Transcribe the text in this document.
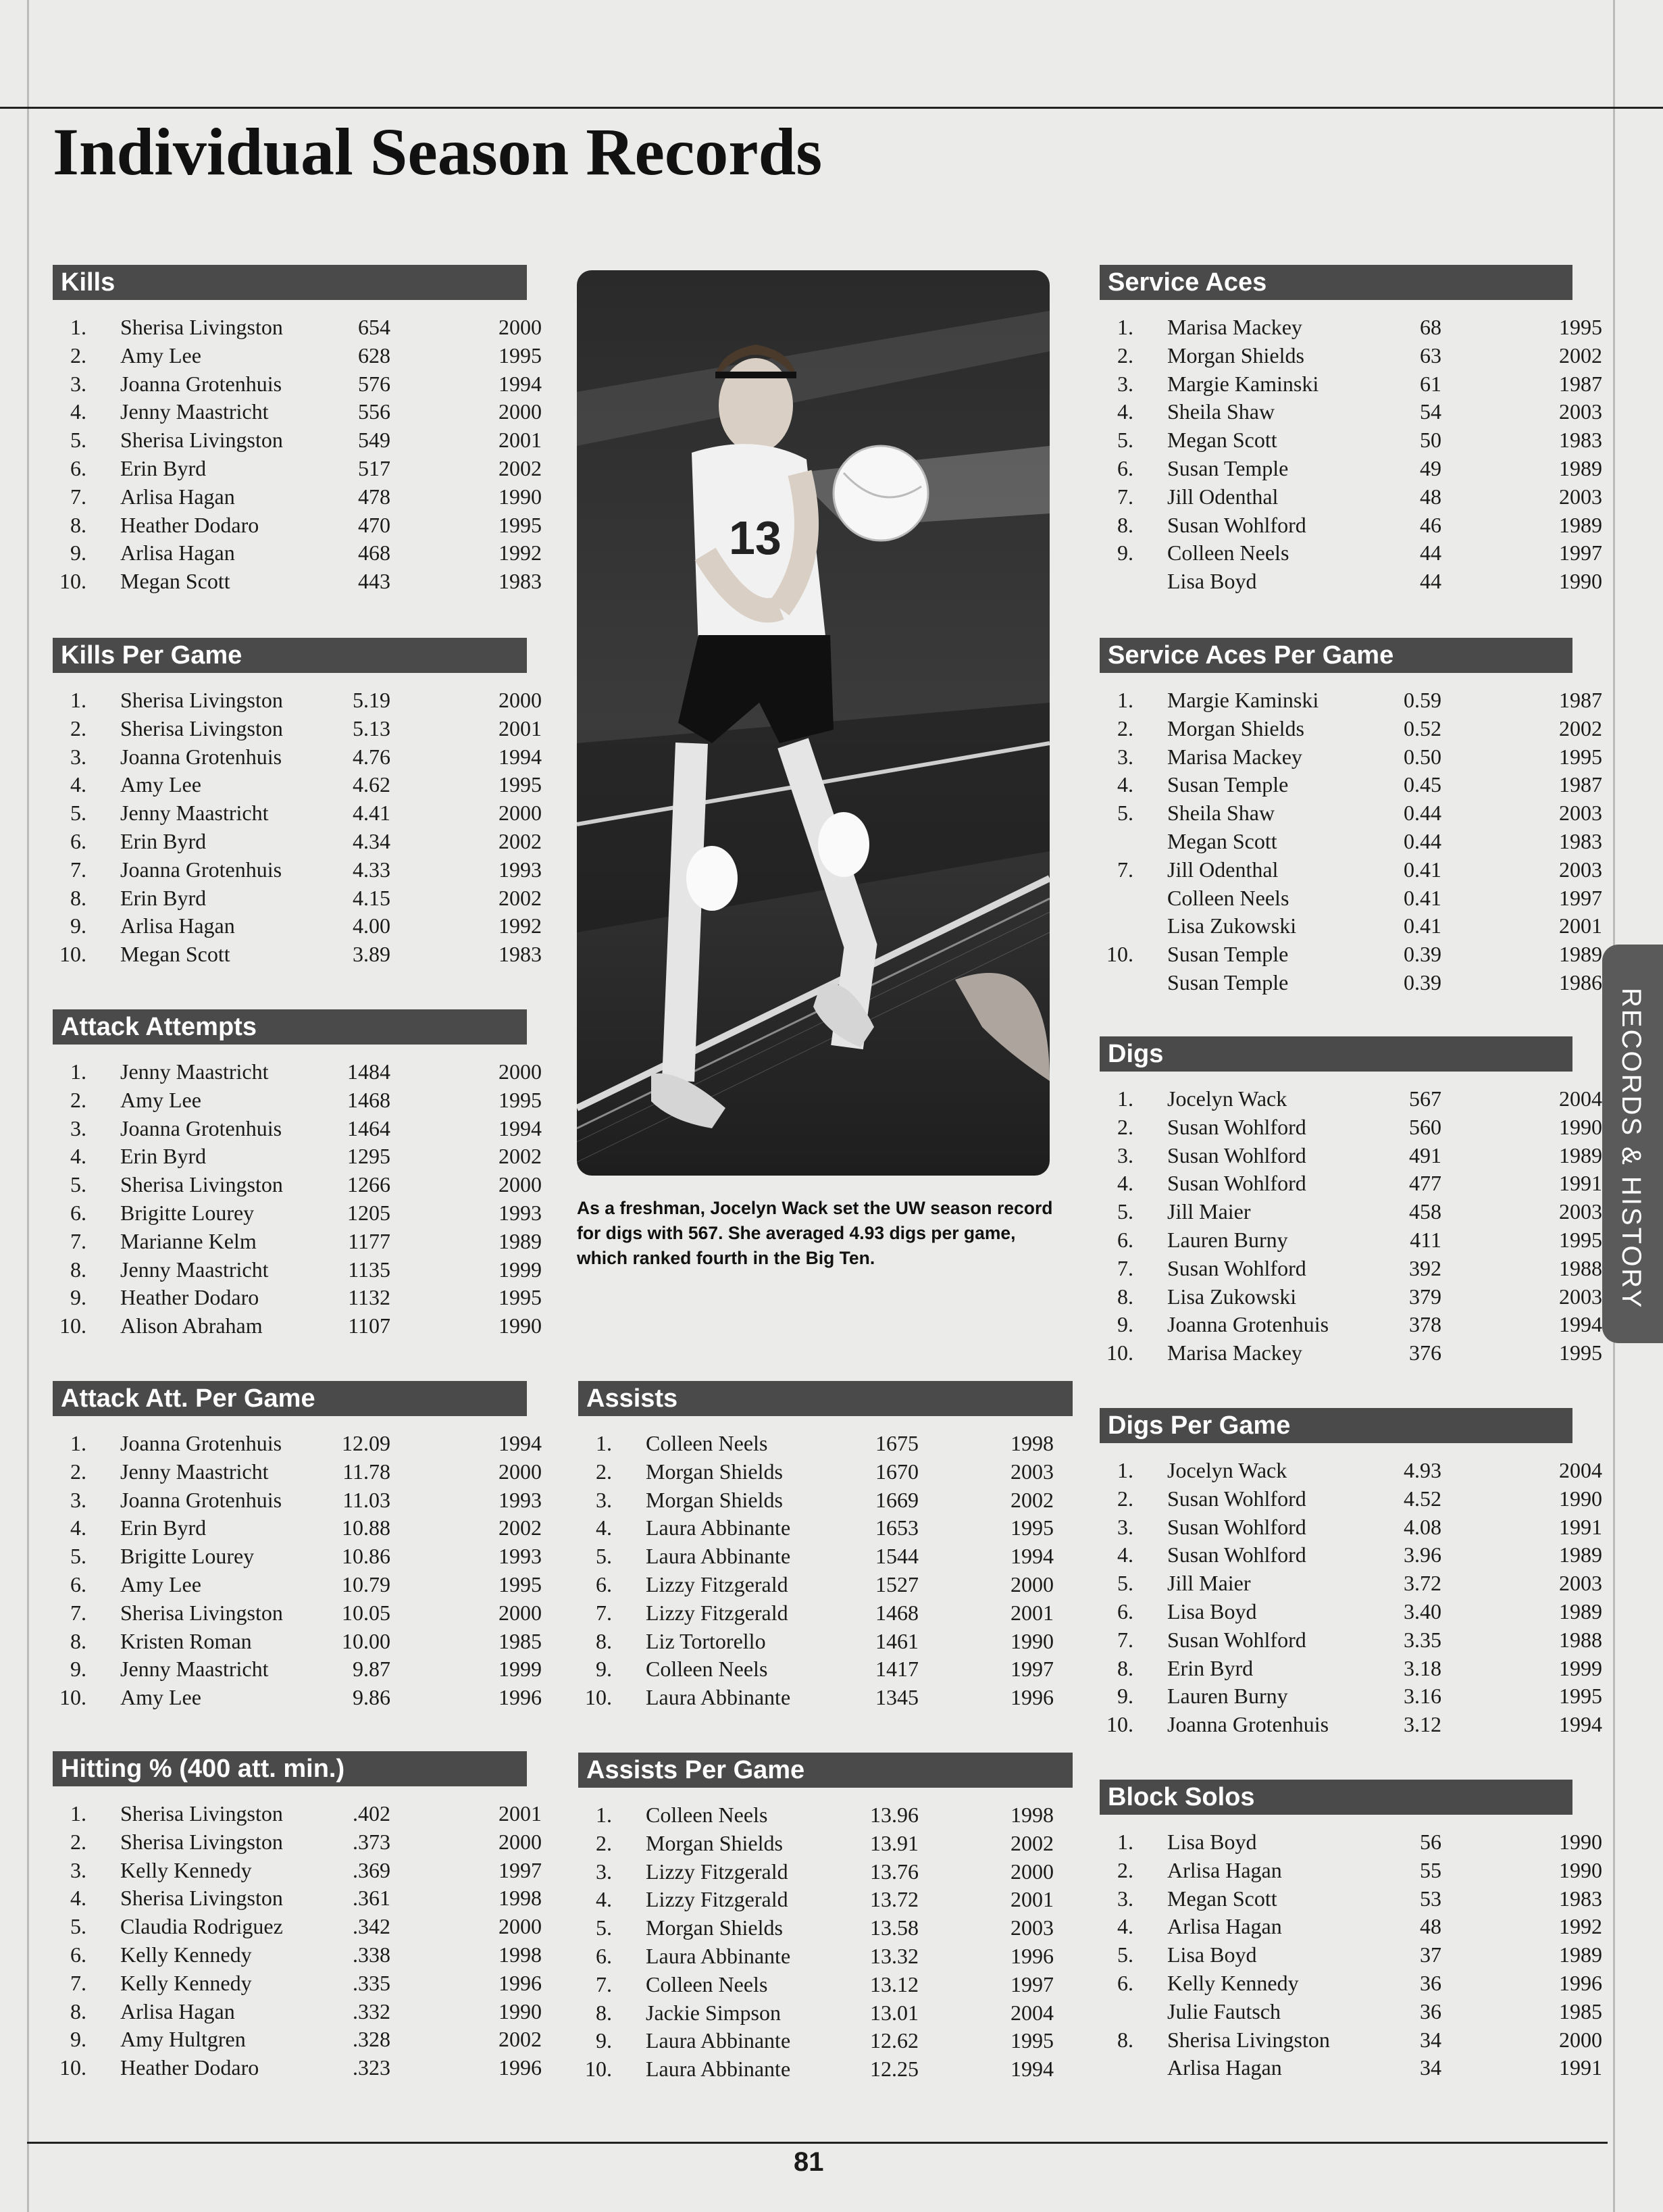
Individual Season Records
Kills
1. Sherisa Livingston	654	2000
2. Amy Lee	628	1995
3. Joanna Grotenhuis	576	1994
4. Jenny Maastricht	556	2000
5. Sherisa Livingston	549	2001
6. Erin Byrd	517	2002
7. Arlisa Hagan	478	1990
8. Heather Dodaro	470	1995
9. Arlisa Hagan	468	1992
10. Megan Scott	443	1983
Kills Per Game
1. Sherisa Livingston	5.19	2000
2. Sherisa Livingston	5.13	2001
3. Joanna Grotenhuis	4.76	1994
4. Amy Lee	4.62	1995
5. Jenny Maastricht	4.41	2000
6. Erin Byrd	4.34	2002
7. Joanna Grotenhuis	4.33	1993
8. Erin Byrd	4.15	2002
9. Arlisa Hagan	4.00	1992
10. Megan Scott	3.89	1983
Attack Attempts
1. Jenny Maastricht	1484	2000
2. Amy Lee	1468	1995
3. Joanna Grotenhuis	1464	1994
4. Erin Byrd	1295	2002
5. Sherisa Livingston	1266	2000
6. Brigitte Lourey	1205	1993
7. Marianne Kelm	1177	1989
8. Jenny Maastricht	1135	1999
9. Heather Dodaro	1132	1995
10. Alison Abraham	1107	1990
Attack Att. Per Game
1. Joanna Grotenhuis	12.09	1994
2. Jenny Maastricht	11.78	2000
3. Joanna Grotenhuis	11.03	1993
4. Erin Byrd	10.88	2002
5. Brigitte Lourey	10.86	1993
6. Amy Lee	10.79	1995
7. Sherisa Livingston	10.05	2000
8. Kristen Roman	10.00	1985
9. Jenny Maastricht	9.87	1999
10. Amy Lee	9.86	1996
Hitting % (400 att. min.)
1. Sherisa Livingston	.402	2001
2. Sherisa Livingston	.373	2000
3. Kelly Kennedy	.369	1997
4. Sherisa Livingston	.361	1998
5. Claudia Rodriguez	.342	2000
6. Kelly Kennedy	.338	1998
7. Kelly Kennedy	.335	1996
8. Arlisa Hagan	.332	1990
9. Amy Hultgren	.328	2002
10. Heather Dodaro	.323	1996
13
As a freshman, Jocelyn Wack set the UW season record for digs with 567. She averaged 4.93 digs per game, which ranked fourth in the Big Ten.
Assists
1. Colleen Neels	1675	1998
2. Morgan Shields	1670	2003
3. Morgan Shields	1669	2002
4. Laura Abbinante	1653	1995
5. Laura Abbinante	1544	1994
6. Lizzy Fitzgerald	1527	2000
7. Lizzy Fitzgerald	1468	2001
8. Liz Tortorello	1461	1990
9. Colleen Neels	1417	1997
10. Laura Abbinante	1345	1996
Assists Per Game
1. Colleen Neels	13.96	1998
2. Morgan Shields	13.91	2002
3. Lizzy Fitzgerald	13.76	2000
4. Lizzy Fitzgerald	13.72	2001
5. Morgan Shields	13.58	2003
6. Laura Abbinante	13.32	1996
7. Colleen Neels	13.12	1997
8. Jackie Simpson	13.01	2004
9. Laura Abbinante	12.62	1995
10. Laura Abbinante	12.25	1994
Service Aces
1. Marisa Mackey	68	1995
2. Morgan Shields	63	2002
3. Margie Kaminski	61	1987
4. Sheila Shaw	54	2003
5. Megan Scott	50	1983
6. Susan Temple	49	1989
7. Jill Odenthal	48	2003
8. Susan Wohlford	46	1989
9. Colleen Neels	44	1997
Lisa Boyd	44	1990
Service Aces Per Game
1. Margie Kaminski	0.59	1987
2. Morgan Shields	0.52	2002
3. Marisa Mackey	0.50	1995
4. Susan Temple	0.45	1987
5. Sheila Shaw	0.44	2003
Megan Scott	0.44	1983
7. Jill Odenthal	0.41	2003
Colleen Neels	0.41	1997
Lisa Zukowski	0.41	2001
10. Susan Temple	0.39	1989
Susan Temple	0.39	1986
Digs
1. Jocelyn Wack	567	2004
2. Susan Wohlford	560	1990
3. Susan Wohlford	491	1989
4. Susan Wohlford	477	1991
5. Jill Maier	458	2003
6. Lauren Burny	411	1995
7. Susan Wohlford	392	1988
8. Lisa Zukowski	379	2003
9. Joanna Grotenhuis	378	1994
10. Marisa Mackey	376	1995
Digs Per Game
1. Jocelyn Wack	4.93	2004
2. Susan Wohlford	4.52	1990
3. Susan Wohlford	4.08	1991
4. Susan Wohlford	3.96	1989
5. Jill Maier	3.72	2003
6. Lisa Boyd	3.40	1989
7. Susan Wohlford	3.35	1988
8. Erin Byrd	3.18	1999
9. Lauren Burny	3.16	1995
10. Joanna Grotenhuis	3.12	1994
Block Solos
1. Lisa Boyd	56	1990
2. Arlisa Hagan	55	1990
3. Megan Scott	53	1983
4. Arlisa Hagan	48	1992
5. Lisa Boyd	37	1989
6. Kelly Kennedy	36	1996
Julie Fautsch	36	1985
8. Sherisa Livingston	34	2000
Arlisa Hagan	34	1991
RECORDS & HISTORY
81
